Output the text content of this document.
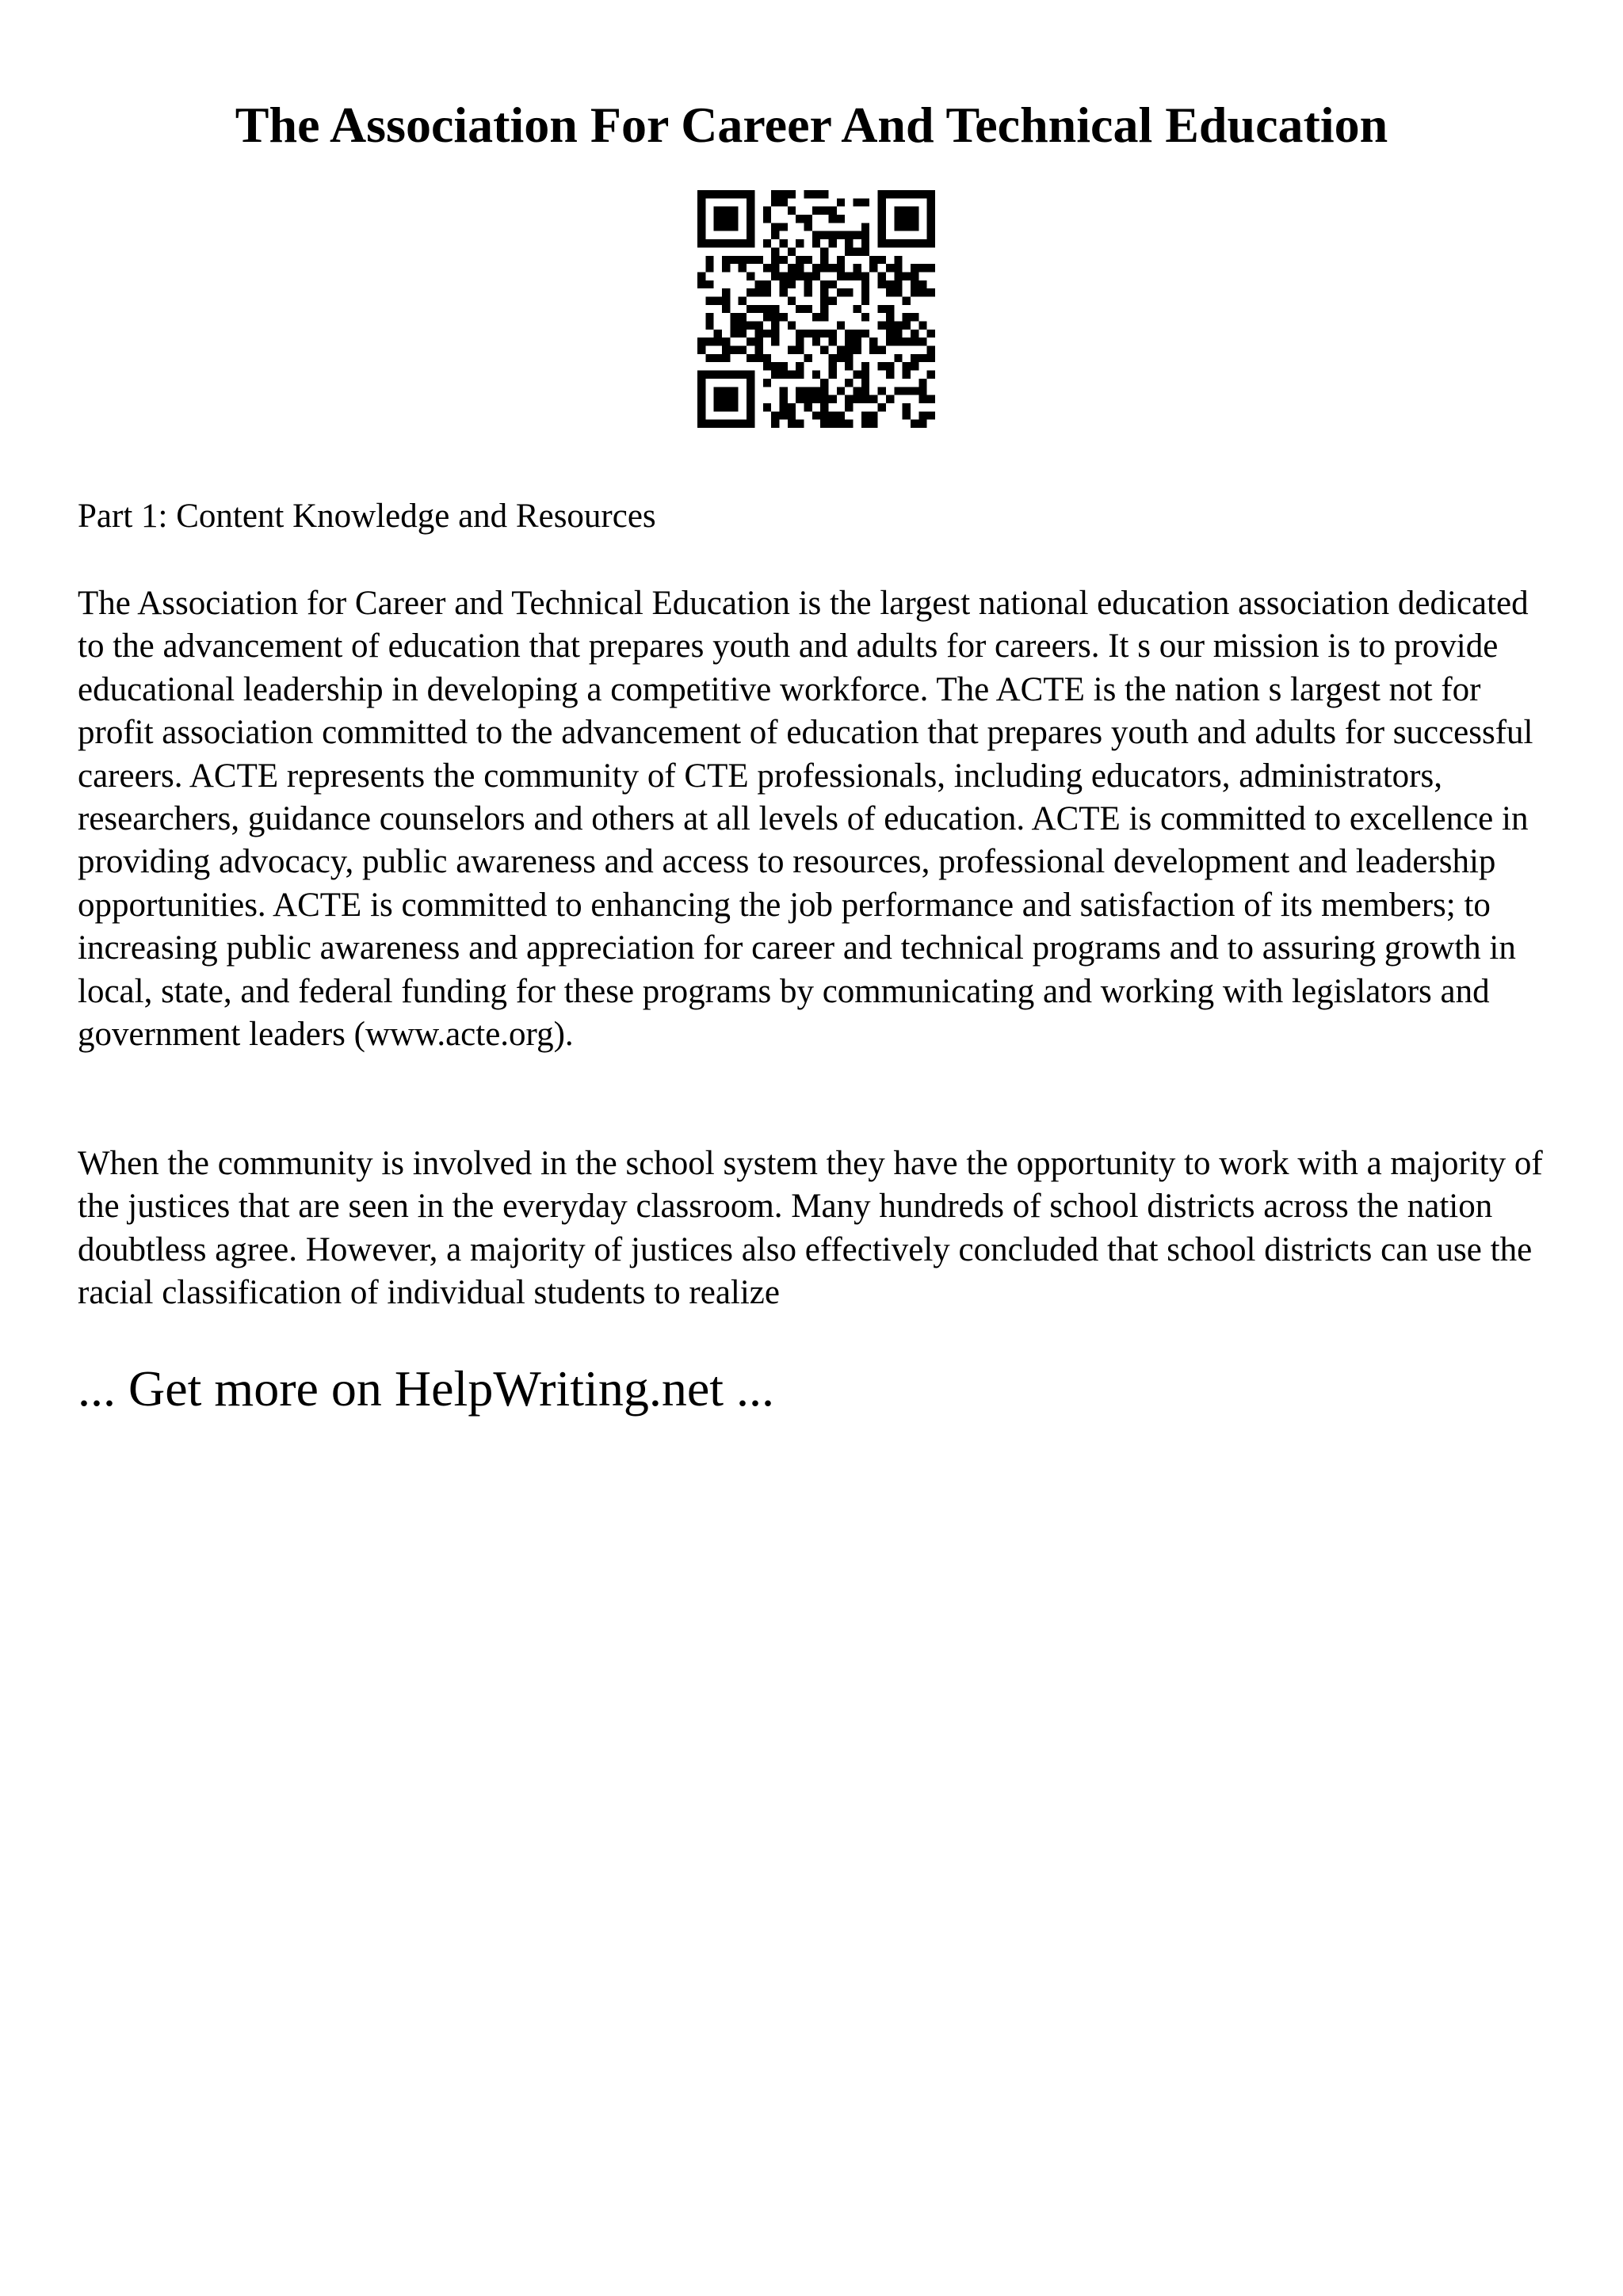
The Association For Career And Technical Education

Part 1: Content Knowledge and Resources

The Association for Career and Technical Education is the largest national education association dedicated to the advancement of education that prepares youth and adults for careers. It s our mission is to provide educational leadership in developing a competitive workforce. The ACTE is the nation s largest not for profit association committed to the advancement of education that prepares youth and adults for successful careers. ACTE represents the community of CTE professionals, including educators, administrators, researchers, guidance counselors and others at all levels of education. ACTE is committed to excellence in providing advocacy, public awareness and access to resources, professional development and leadership opportunities. ACTE is committed to enhancing the job performance and satisfaction of its members; to increasing public awareness and appreciation for career and technical programs and to assuring growth in local, state, and federal funding for these programs by communicating and working with legislators and government leaders (www.acte.org).

When the community is involved in the school system they have the opportunity to work with a majority of the justices that are seen in the everyday classroom. Many hundreds of school districts across the nation doubtless agree. However, a majority of justices also effectively concluded that school districts can use the racial classification of individual students to realize

... Get more on HelpWriting.net ...
